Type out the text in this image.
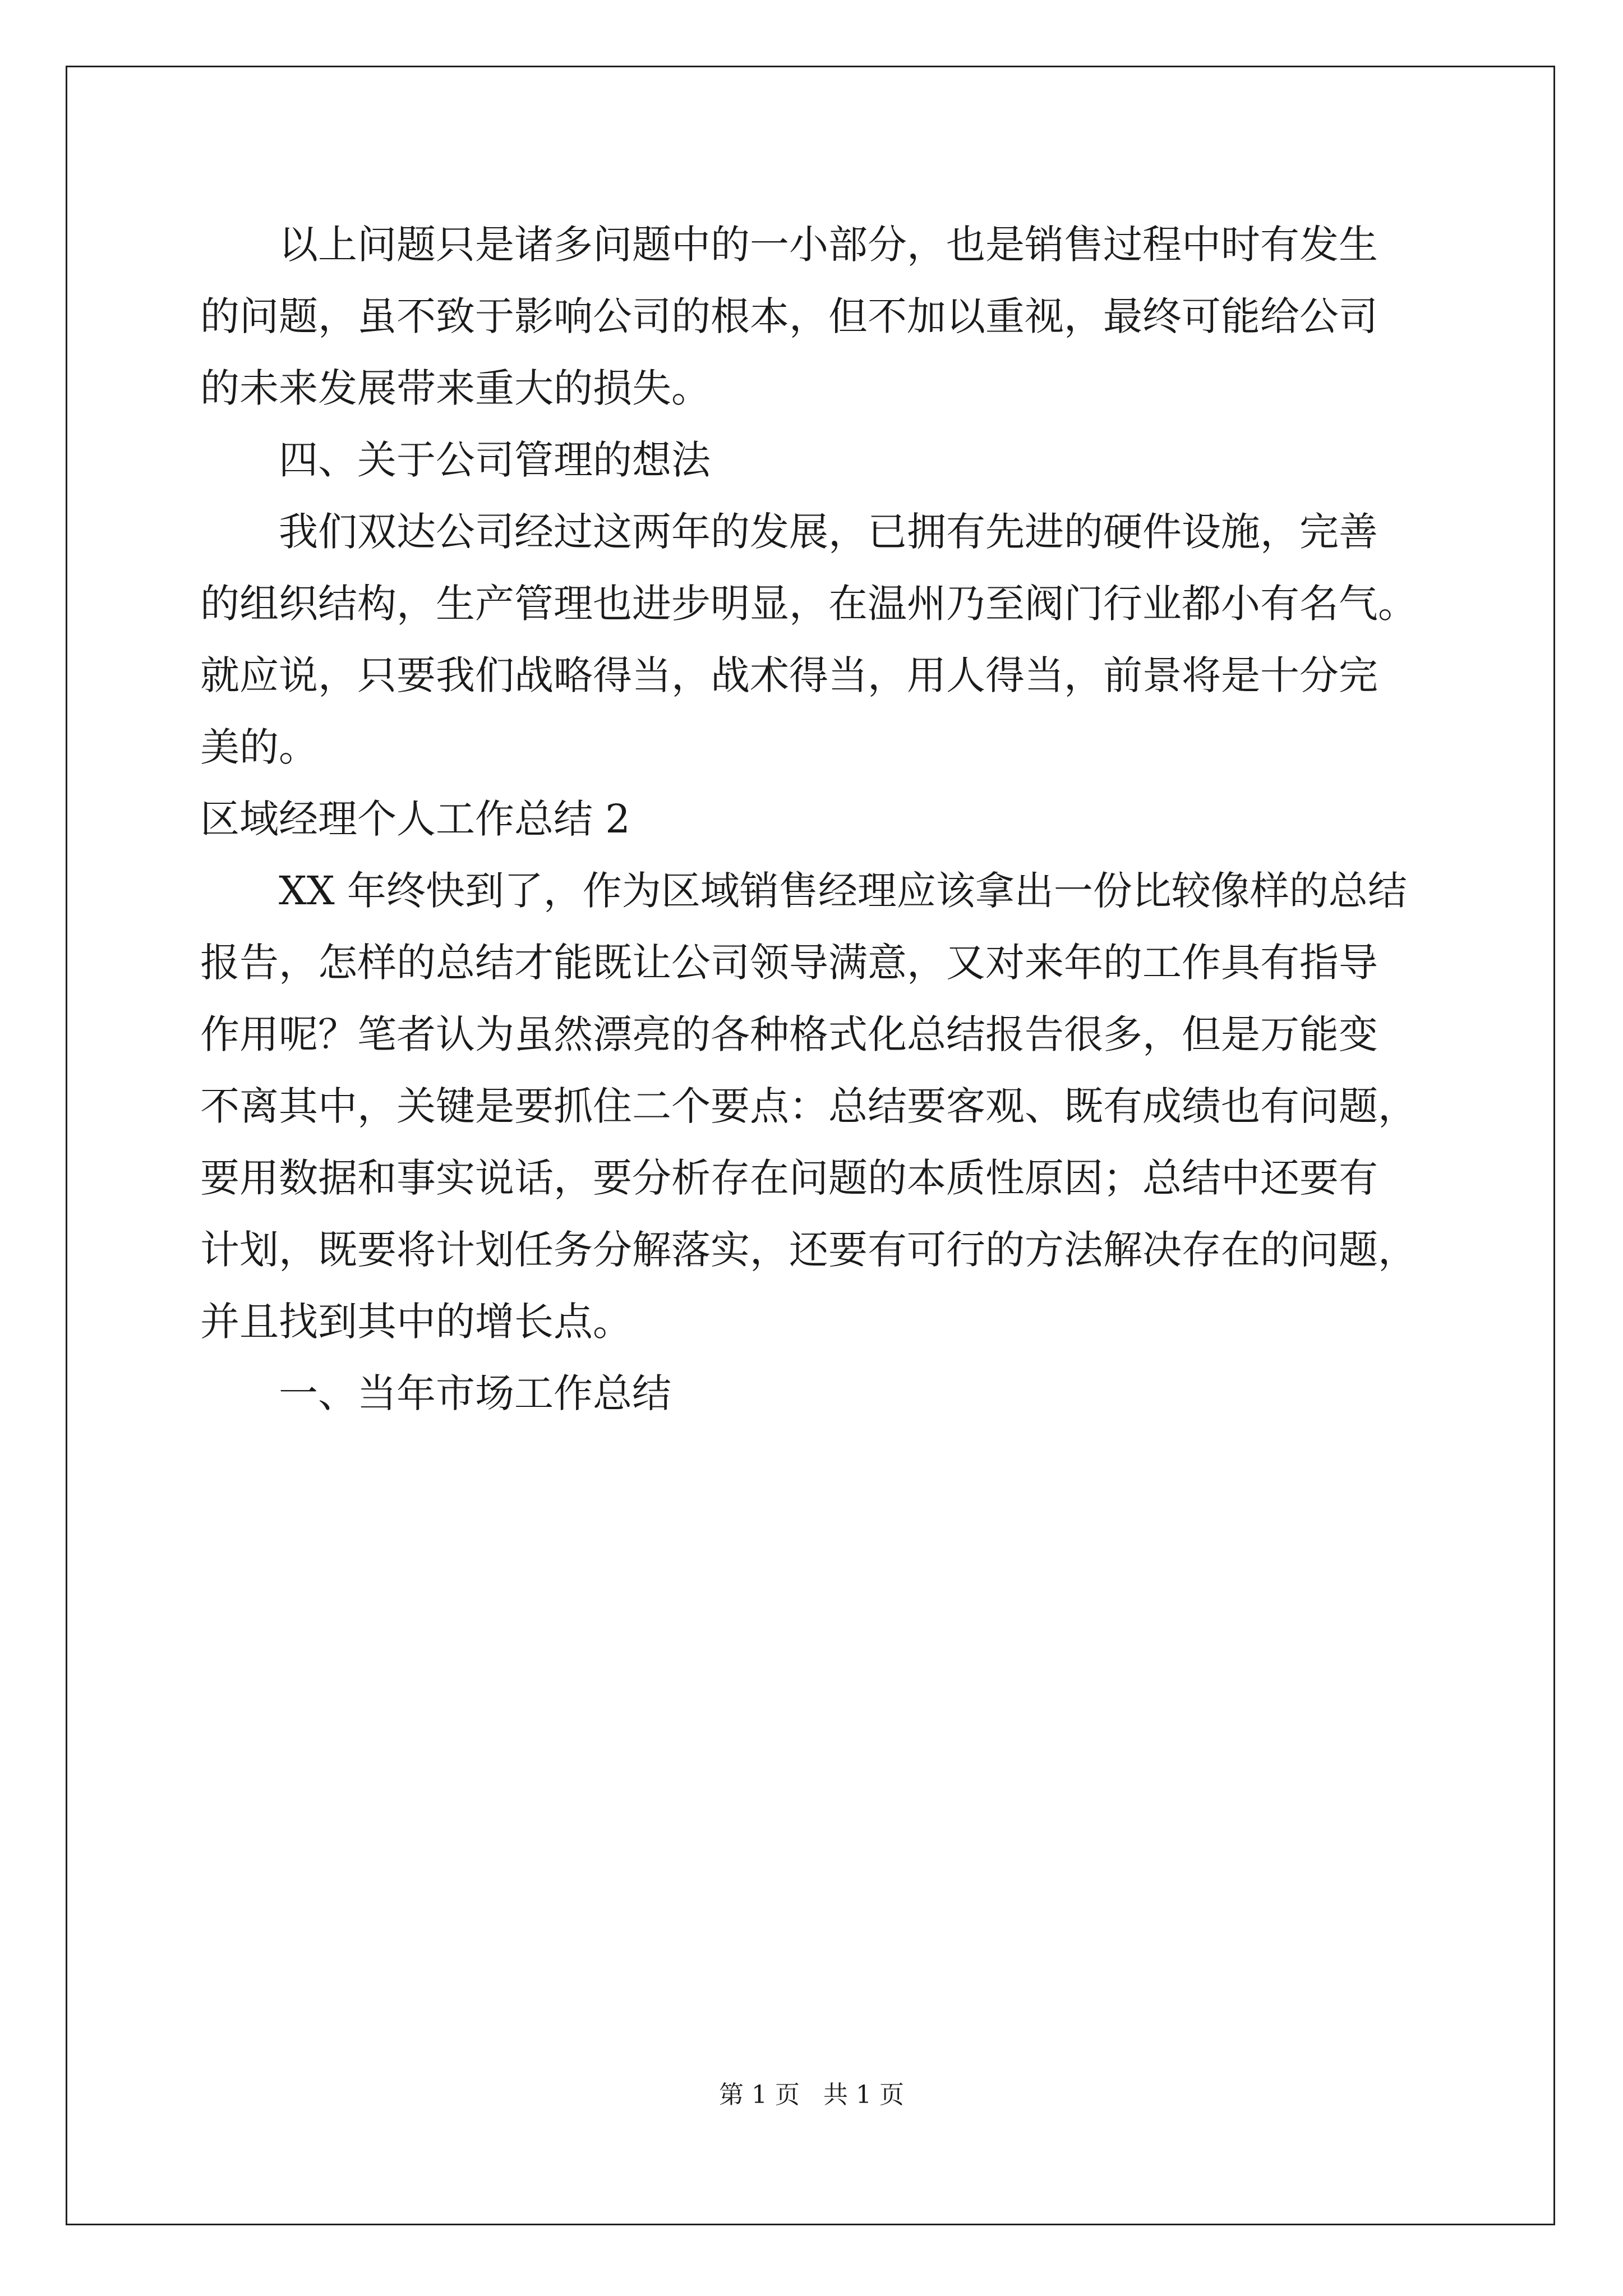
以上问题只是诸多问题中的一小部分，也是销售过程中时有发生
的问题，虽不致于影响公司的根本，但不加以重视，最终可能给公司
的未来发展带来重大的损失。
四、关于公司管理的想法
我们双达公司经过这两年的发展，已拥有先进的硬件设施，完善
的组织结构，生产管理也进步明显，在温州乃至阀门行业都小有名气。
就应说，只要我们战略得当，战术得当，用人得当，前景将是十分完
美的。
区域经理个人工作总结 2
XX 年终快到了，作为区域销售经理应该拿出一份比较像样的总结
报告，怎样的总结才能既让公司领导满意，又对来年的工作具有指导
作用呢？笔者认为虽然漂亮的各种格式化总结报告很多，但是万能变
不离其中，关键是要抓住二个要点：总结要客观、既有成绩也有问题，
要用数据和事实说话，要分析存在问题的本质性原因；总结中还要有
计划，既要将计划任务分解落实，还要有可行的方法解决存在的问题，
并且找到其中的增长点。
一、当年市场工作总结
第 1 页   共 1 页
